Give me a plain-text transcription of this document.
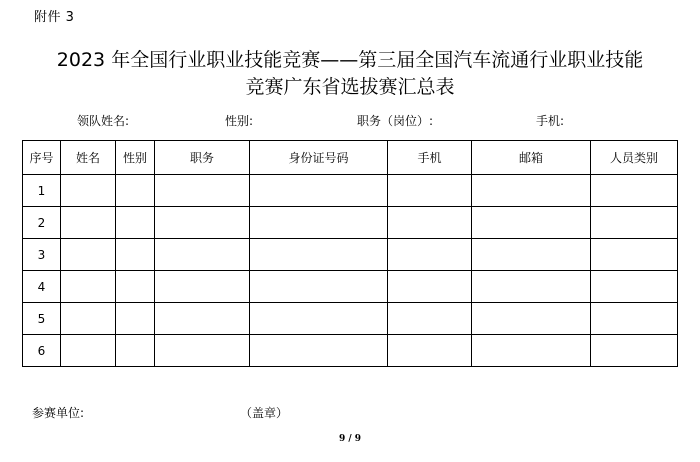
附件 3
2023 年全国行业职业技能竞赛——第三届全国汽车流通行业职业技能
竞赛广东省选拔赛汇总表
领队姓名:	性别:	职务（岗位）:	手机:
序号	姓名	性别	职务	身份证号码	手机	邮箱	人员类别
1							
2							
3							
4							
5							
6							
参赛单位:	（盖章）
9 / 9
